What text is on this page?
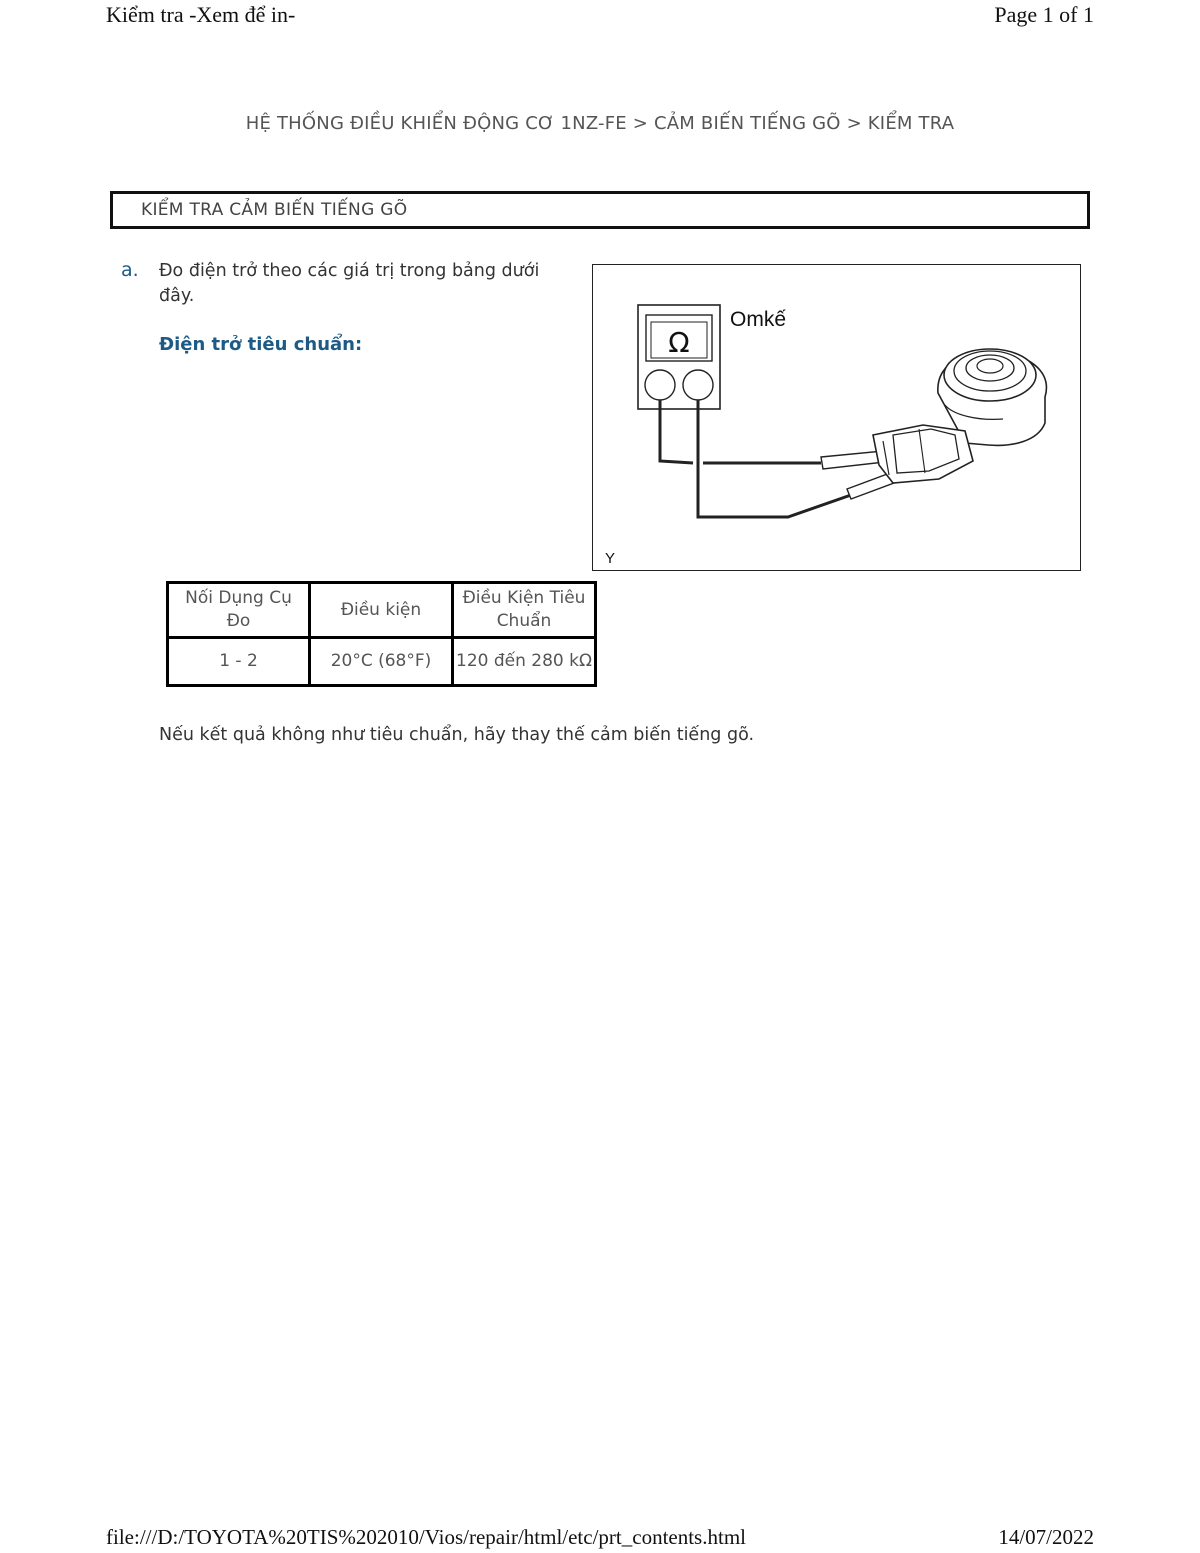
Kiểm tra -Xem để in-	Page 1 of 1
HỆ THỐNG ĐIỀU KHIỂN ĐỘNG CƠ 1NZ-FE > CẢM BIẾN TIẾNG GÕ > KIỂM TRA
KIỂM TRA CẢM BIẾN TIẾNG GÕ
a. Đo điện trở theo các giá trị trong bảng dưới đây.
Điện trở tiêu chuẩn:	Ω
Omkế
Y
Nối Dụng Cụ Đo	Điều kiện	Điều Kiện Tiêu Chuẩn
1 - 2	20°C (68°F)	120 đến 280 kΩ
Nếu kết quả không như tiêu chuẩn, hãy thay thế cảm biến tiếng gõ.
file:///D:/TOYOTA%20TIS%202010/Vios/repair/html/etc/prt_contents.html	14/07/2022
